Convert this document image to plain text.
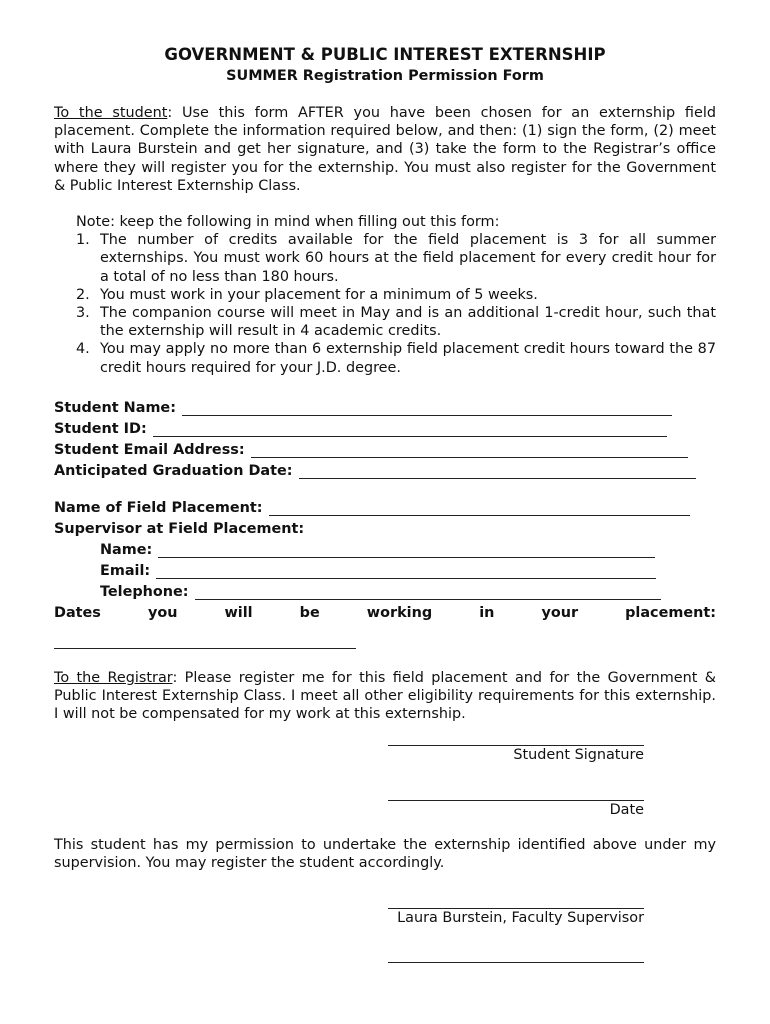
GOVERNMENT & PUBLIC INTEREST EXTERNSHIP
SUMMER Registration Permission Form

To the student: Use this form AFTER you have been chosen for an externship field placement. Complete the information required below, and then: (1) sign the form, (2) meet with Laura Burstein and get her signature, and (3) take the form to the Registrar’s office where they will register you for the externship. You must also register for the Government & Public Interest Externship Class.

Note: keep the following in mind when filling out this form:
1. The number of credits available for the field placement is 3 for all summer externships. You must work 60 hours at the field placement for every credit hour for a total of no less than 180 hours.
2. You must work in your placement for a minimum of 5 weeks.
3. The companion course will meet in May and is an additional 1-credit hour, such that the externship will result in 4 academic credits.
4. You may apply no more than 6 externship field placement credit hours toward the 87 credit hours required for your J.D. degree.
Student Name:
Student ID:
Student Email Address:
Anticipated Graduation Date:
Name of Field Placement:
Supervisor at Field Placement:
Name:
Email:
Telephone:
Dates	you	will	be	working	in	your	placement:

To the Registrar: Please register me for this field placement and for the Government & Public Interest Externship Class. I meet all other eligibility requirements for this externship. I will not be compensated for my work at this externship.

Student Signature
Date

This student has my permission to undertake the externship identified above under my supervision. You may register the student accordingly.

Laura Burstein, Faculty Supervisor
